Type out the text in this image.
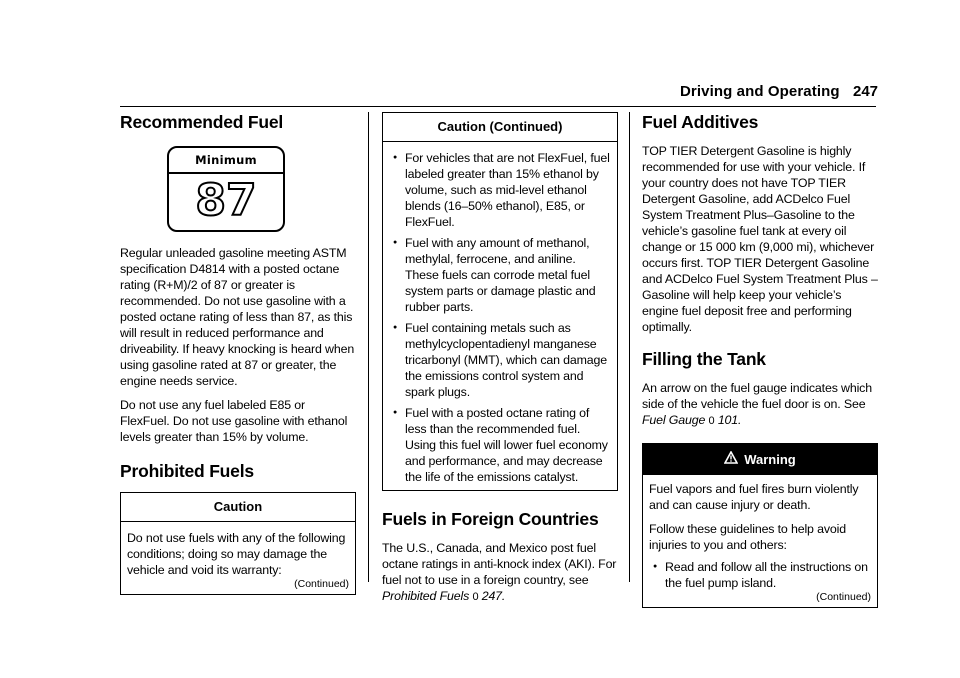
Driving and Operating 247
Recommended Fuel
Minimum
87

Regular unleaded gasoline meeting ASTM specification D4814 with a posted octane rating (R+M)/2 of 87 or greater is recommended. Do not use gasoline with a posted octane rating of less than 87, as this will result in reduced performance and driveability. If heavy knocking is heard when using gasoline rated at 87 or greater, the engine needs service.

Do not use any fuel labeled E85 or FlexFuel. Do not use gasoline with ethanol levels greater than 15% by volume.

Prohibited Fuels
Caution

Do not use fuels with any of the following conditions; doing so may damage the vehicle and void its warranty:

(Continued)
Caution (Continued)
● For vehicles that are not FlexFuel, fuel labeled greater than 15% ethanol by volume, such as mid-level ethanol blends (16–50% ethanol), E85, or FlexFuel.
● Fuel with any amount of methanol, methylal, ferrocene, and aniline. These fuels can corrode metal fuel system parts or damage plastic and rubber parts.
● Fuel containing metals such as methylcyclopentadienyl manganese tricarbonyl (MMT), which can damage the emissions control system and spark plugs.
● Fuel with a posted octane rating of less than the recommended fuel. Using this fuel will lower fuel economy and performance, and may decrease the life of the emissions catalyst.
Fuels in Foreign Countries

The U.S., Canada, and Mexico post fuel octane ratings in anti-knock index (AKI). For fuel not to use in a foreign country, see Prohibited Fuels 0 247.

Fuel Additives

TOP TIER Detergent Gasoline is highly recommended for use with your vehicle. If your country does not have TOP TIER Detergent Gasoline, add ACDelco Fuel System Treatment Plus–Gasoline to the vehicle’s gasoline fuel tank at every oil change or 15 000 km (9,000 mi), whichever occurs first. TOP TIER Detergent Gasoline and ACDelco Fuel System Treatment Plus –Gasoline will help keep your vehicle’s engine fuel deposit free and performing optimally.

Filling the Tank

An arrow on the fuel gauge indicates which side of the vehicle the fuel door is on. See Fuel Gauge 0 101.

Warning

Fuel vapors and fuel fires burn violently and can cause injury or death.

Follow these guidelines to help avoid injuries to you and others:

● Read and follow all the instructions on the fuel pump island.
(Continued)
